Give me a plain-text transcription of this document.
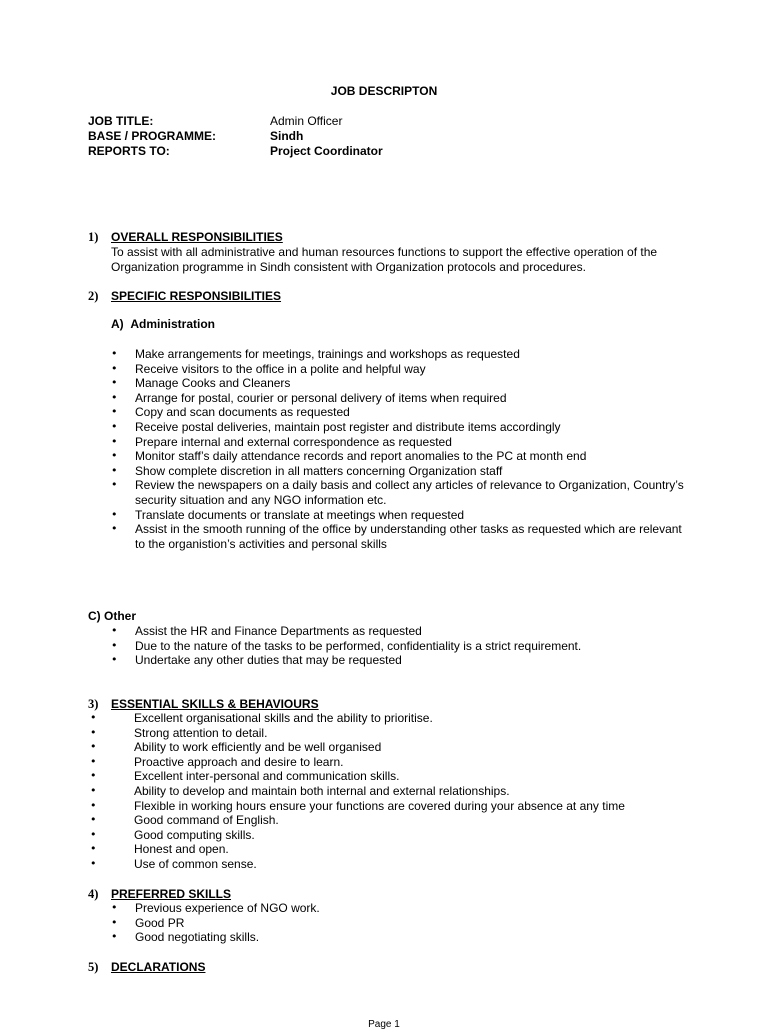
JOB DESCRIPTON
JOB TITLE:	Admin Officer
BASE / PROGRAMME:	Sindh
REPORTS TO:	Project Coordinator
1) OVERALL RESPONSIBILITIES
To assist with all administrative and human resources functions to support the effective operation of the Organization programme in Sindh consistent with Organization protocols and procedures.
2) SPECIFIC RESPONSIBILITIES
A)  Administration
• Make arrangements for meetings, trainings and workshops as requested
• Receive visitors to the office in a polite and helpful way
• Manage Cooks and Cleaners
• Arrange for postal, courier or personal delivery of items when required
• Copy and scan documents as requested
• Receive postal deliveries, maintain post register and distribute items accordingly
• Prepare internal and external correspondence as requested
• Monitor staff’s daily attendance records and report anomalies to the PC at month end
• Show complete discretion in all matters concerning Organization staff
• Review the newspapers on a daily basis and collect any articles of relevance to Organization, Country’s security situation and any NGO information etc.
• Translate documents or translate at meetings when requested
• Assist in the smooth running of the office by understanding other tasks as requested which are relevant to the organistion’s activities and personal skills
C) Other
• Assist the HR and Finance Departments as requested
• Due to the nature of the tasks to be performed, confidentiality is a strict requirement.
• Undertake any other duties that may be requested
3) ESSENTIAL SKILLS & BEHAVIOURS
• Excellent organisational skills and the ability to prioritise.
• Strong attention to detail.
• Ability to work efficiently and be well organised
• Proactive approach and desire to learn.
• Excellent inter-personal and communication skills.
• Ability to develop and maintain both internal and external relationships.
• Flexible in working hours ensure your functions are covered during your absence at any time
• Good command of English.
• Good computing skills.
• Honest and open.
• Use of common sense.
4) PREFERRED SKILLS
• Previous experience of NGO work.
• Good PR
• Good negotiating skills.
5) DECLARATIONS
Page 1
